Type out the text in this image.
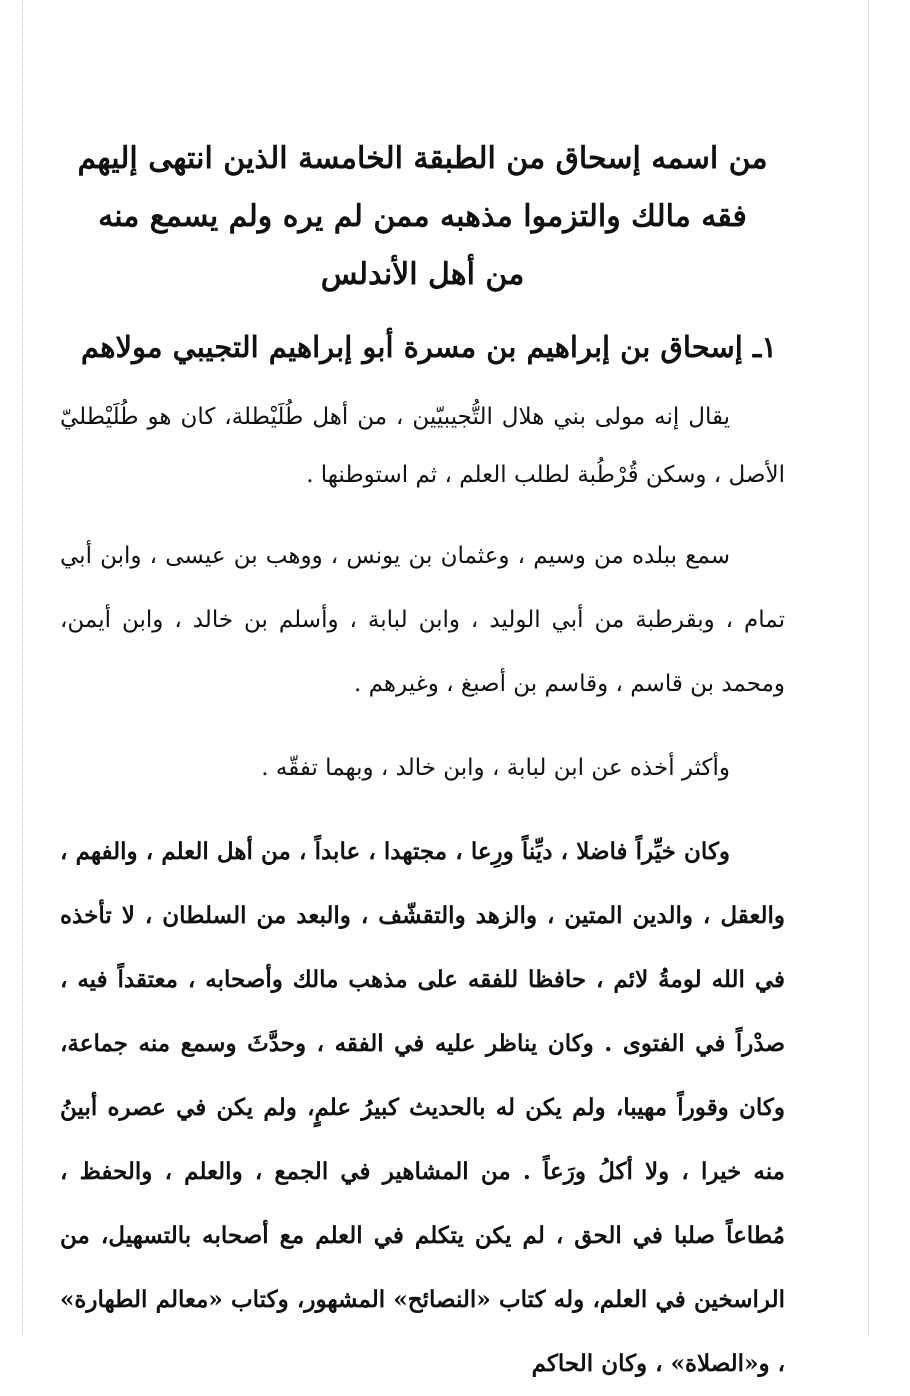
من اسمه إسحاق من الطبقة الخامسة الذين انتهى إليهم
فقه مالك والتزموا مذهبه ممن لم يره ولم يسمع منه
من أهل الأندلس
١ـ إسحاق بن إبراهيم بن مسرة أبو إبراهيم التجيبي مولاهم

يقال إنه مولى بني هلال التُّجيبيّين ، من أهل طُلَيْطلة، كان هو طُلَيْطليّ الأصل ، وسكن قُرْطُبة لطلب العلم ، ثم استوطنها .

سمع ببلده من وسيم ، وعثمان بن يونس ، ووهب بن عيسى ، وابن أبي تمام ، وبقرطبة من أبي الوليد ، وابن لبابة ، وأسلم بن خالد ، وابن أيمن، ومحمد بن قاسم ، وقاسم بن أصبغ ، وغيرهم .

وأكثر أخذه عن ابن لبابة ، وابن خالد ، وبهما تفقّه .

وكان خيِّراً فاضلا ، ديِّناً ورِعا ، مجتهدا ، عابداً ، من أهل العلم ، والفهم ، والعقل ، والدين المتين ، والزهد والتقشّف ، والبعد من السلطان ، لا تأخذه في الله لومةُ لائم ، حافظا للفقه على مذهب مالك وأصحابه ، معتقداً فيه ، صدْراً في الفتوى . وكان يناظر عليه في الفقه ، وحدَّثَ وسمع منه جماعة، وكان وقوراً مهيبا، ولم يكن له بالحديث كبيرُ علمٍ، ولم يكن في عصره أبينُ منه خيرا ، ولا أكلُ ورَعاً . من المشاهير في الجمع ، والعلم ، والحفظ ، مُطاعاً صلبا في الحق ، لم يكن يتكلم في العلم مع أصحابه بالتسهيل، من الراسخين في العلم، وله كتاب «النصائح» المشهور، وكتاب «معالم الطهارة» ، و«الصلاة» ، وكان الحاكم
